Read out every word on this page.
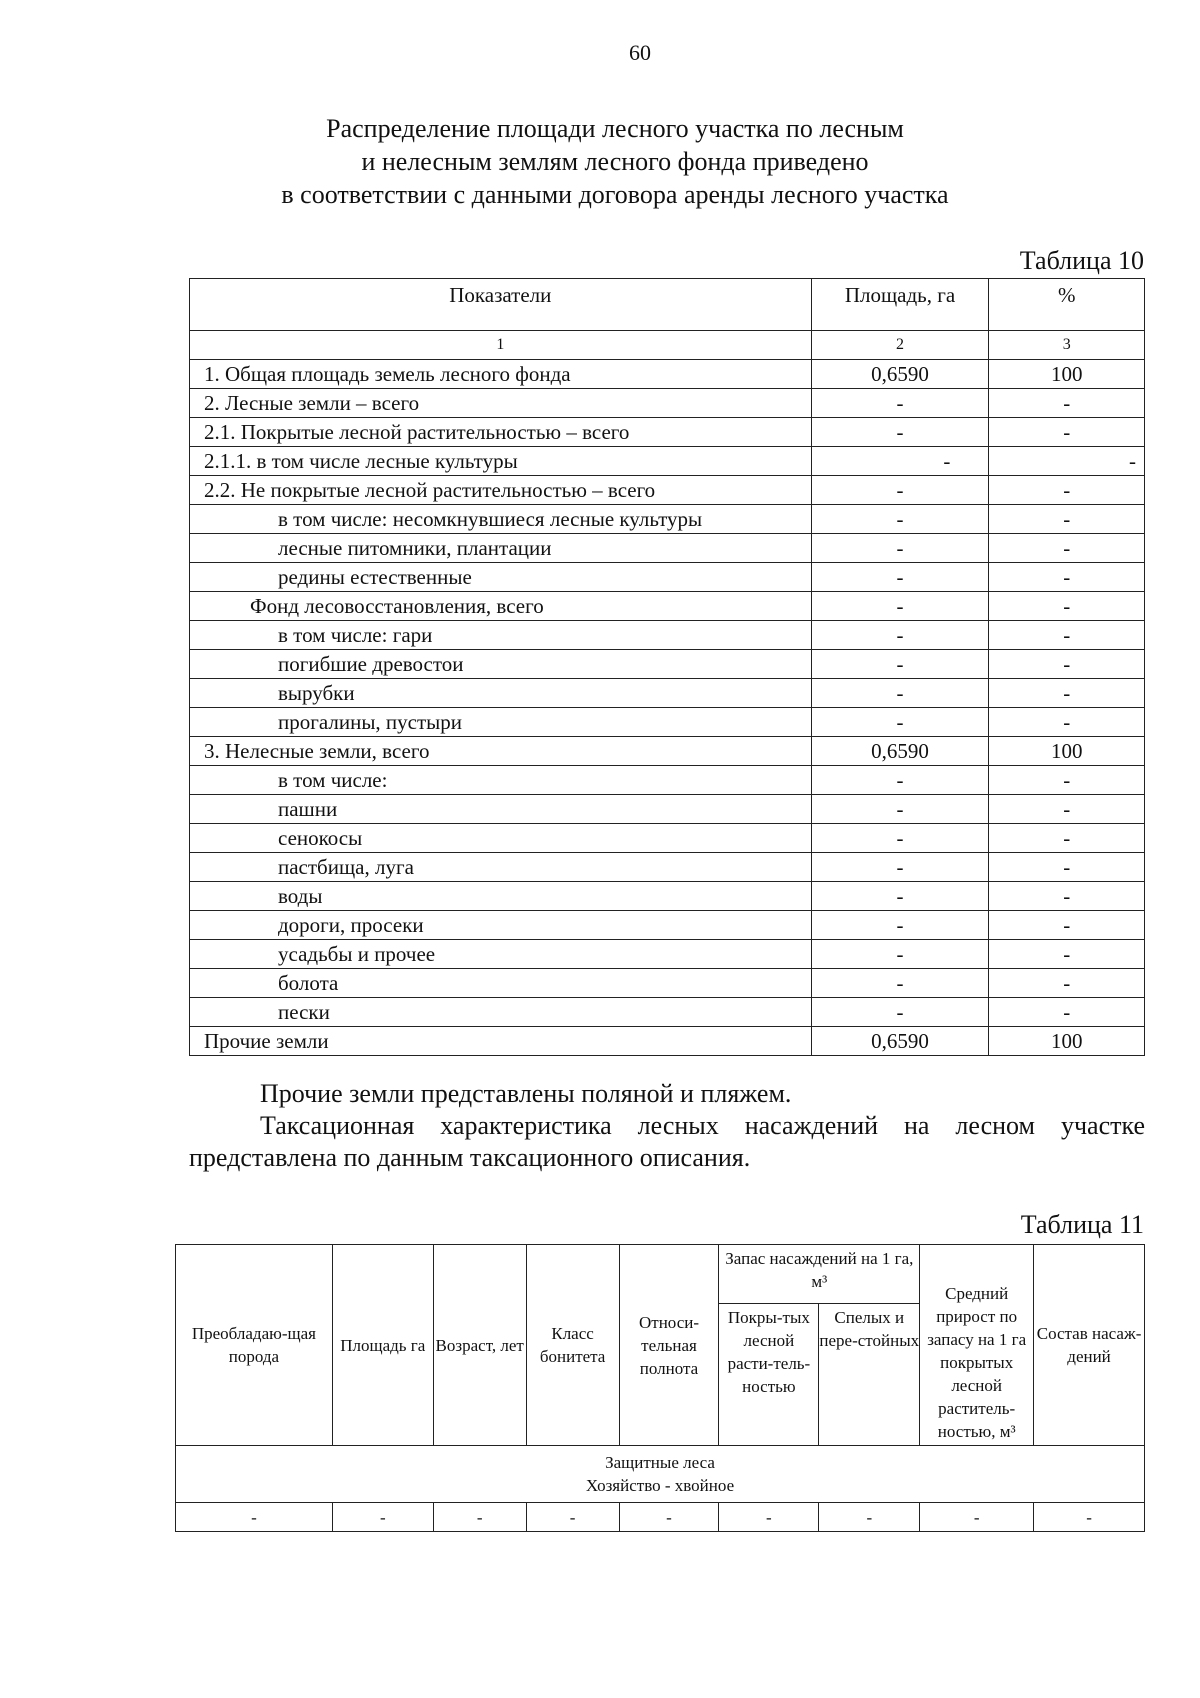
60
Распределение площади лесного участка по лесным
и нелесным землям лесного фонда приведено
в соответствии с данными договора аренды лесного участка
Таблица 10
Показатели	Площадь, га	%
1	2	3
1. Общая площадь земель лесного фонда	0,6590	100
2. Лесные земли – всего	-	-
2.1. Покрытые лесной растительностью – всего	-	-
2.1.1. в том числе лесные культуры	-	-
2.2. Не покрытые лесной растительностью – всего	-	-
в том числе: несомкнувшиеся лесные культуры	-	-
лесные питомники, плантации	-	-
редины естественные	-	-
Фонд лесовосстановления, всего	-	-
в том числе: гари	-	-
погибшие древостои	-	-
вырубки	-	-
прогалины, пустыри	-	-
3. Нелесные земли, всего	0,6590	100
в том числе:	-	-
пашни	-	-
сенокосы	-	-
пастбища, луга	-	-
воды	-	-
дороги, просеки	-	-
усадьбы и прочее	-	-
болота	-	-
пески	-	-
Прочие земли	0,6590	100
Прочие земли представлены поляной и пляжем.
Таксационная характеристика лесных насаждений на лесном участке представлена по данным таксационного описания.
Таблица 11
Преобладаю-щая порода	Площадь га	Возраст, лет	Класс бонитета	Относи-тельная полнота	Запас насаждений на 1 га, м³		Средний прирост по запасу на 1 га покрытых лесной раститель-ностью, м³	Состав насаж-дений
					Покры-тых лесной расти-тель-ностью	Спелых и пере-стойных		

Защитные леса
Хозяйство - хвойное								

-	-	-	-	-	-	-	-	-
